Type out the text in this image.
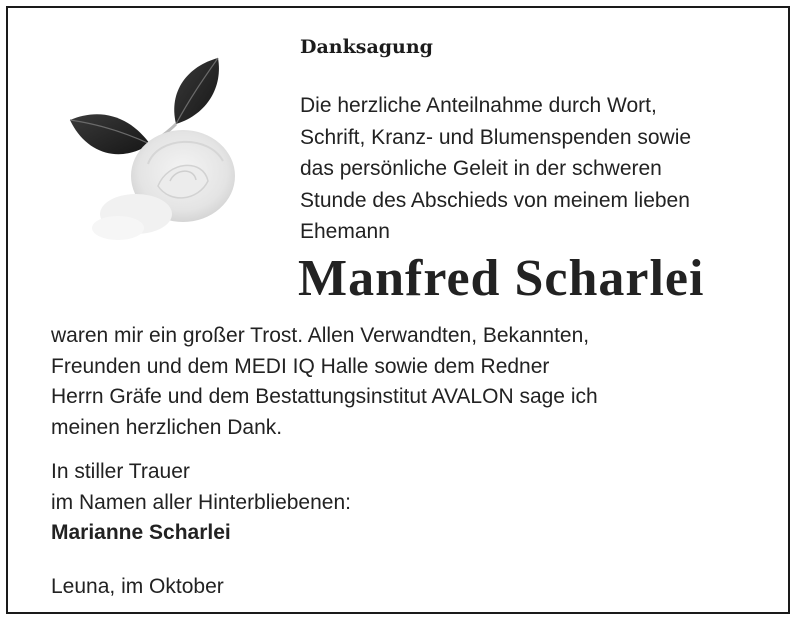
Danksagung

Die herzliche Anteilnahme durch Wort,
Schrift, Kranz- und Blumenspenden sowie
das persönliche Geleit in der schweren
Stunde des Abschieds von meinem lieben
Ehemann

Manfred Scharlei

waren mir ein großer Trost. Allen Verwandten, Bekannten,
Freunden und dem MEDI IQ Halle sowie dem Redner
Herrn Gräfe und dem Bestattungsinstitut AVALON sage ich
meinen herzlichen Dank.

In stiller Trauer
im Namen aller Hinterbliebenen:
Marianne Scharlei

Leuna, im Oktober
